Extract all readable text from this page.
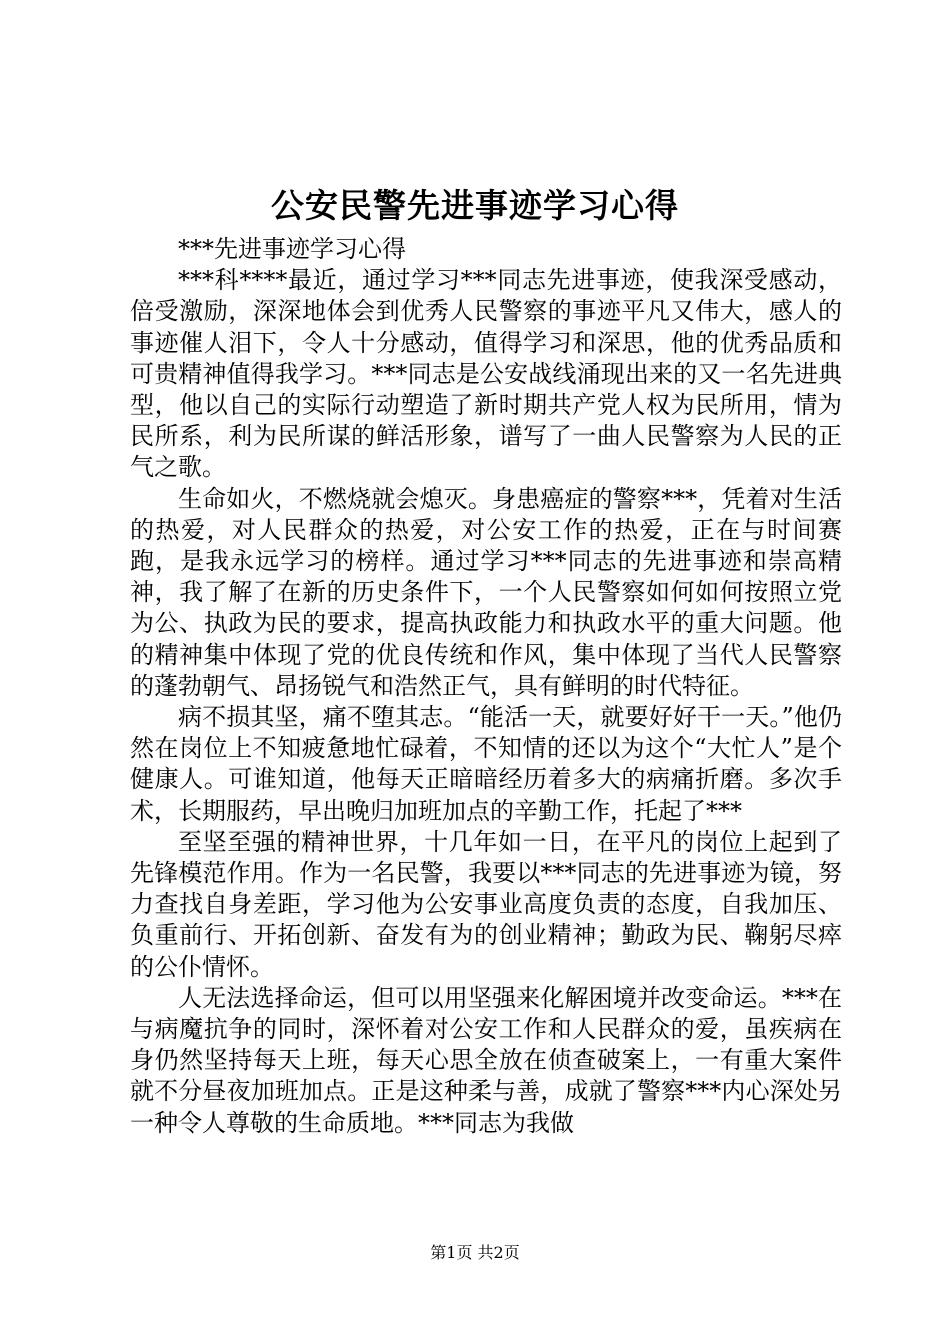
公安民警先进事迹学习心得

***先进事迹学习心得

***科****最近，通过学习***同志先进事迹，使我深受感动，倍受激励，深深地体会到优秀人民警察的事迹平凡又伟大，感人的事迹催人泪下，令人十分感动，值得学习和深思，他的优秀品质和可贵精神值得我学习。***同志是公安战线涌现出来的又一名先进典型，他以自己的实际行动塑造了新时期共产党人权为民所用，情为民所系，利为民所谋的鲜活形象，谱写了一曲人民警察为人民的正气之歌。

生命如火，不燃烧就会熄灭。身患癌症的警察***，凭着对生活的热爱，对人民群众的热爱，对公安工作的热爱，正在与时间赛跑，是我永远学习的榜样。通过学习***同志的先进事迹和崇高精神，我了解了在新的历史条件下，一个人民警察如何如何按照立党为公、执政为民的要求，提高执政能力和执政水平的重大问题。他的精神集中体现了党的优良传统和作风，集中体现了当代人民警察的蓬勃朝气、昂扬锐气和浩然正气，具有鲜明的时代特征。

病不损其坚，痛不堕其志。“能活一天，就要好好干一天。”他仍然在岗位上不知疲惫地忙碌着，不知情的还以为这个“大忙人”是个健康人。可谁知道，他每天正暗暗经历着多大的病痛折磨。多次手术，长期服药，早出晚归加班加点的辛勤工作，托起了***

至坚至强的精神世界，十几年如一日，在平凡的岗位上起到了先锋模范作用。作为一名民警，我要以***同志的先进事迹为镜，努力查找自身差距，学习他为公安事业高度负责的态度，自我加压、负重前行、开拓创新、奋发有为的创业精神；勤政为民、鞠躬尽瘁的公仆情怀。

人无法选择命运，但可以用坚强来化解困境并改变命运。***在与病魔抗争的同时，深怀着对公安工作和人民群众的爱，虽疾病在身仍然坚持每天上班，每天心思全放在侦查破案上，一有重大案件就不分昼夜加班加点。正是这种柔与善，成就了警察***内心深处另一种令人尊敬的生命质地。***同志为我做

第1页 共2页
